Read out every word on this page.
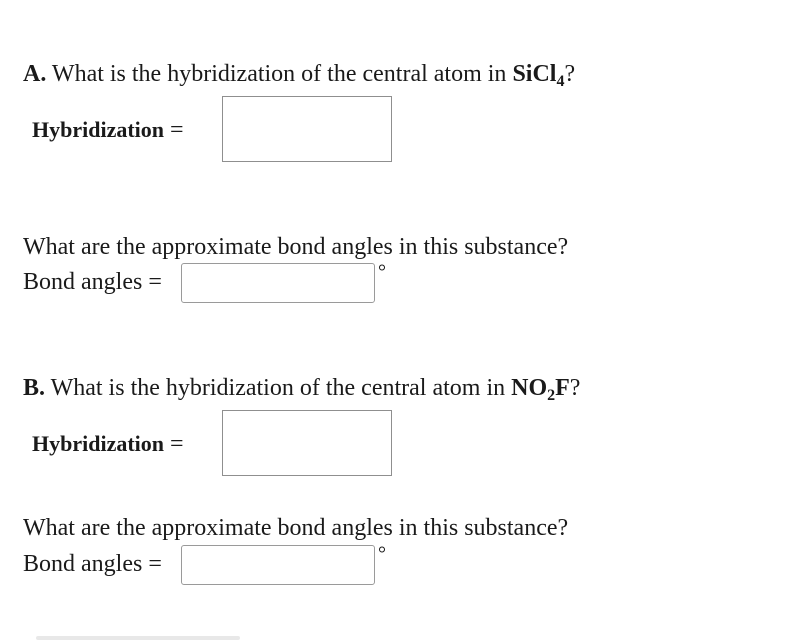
A. What is the hybridization of the central atom in SiCl$_4$?
Hybridization =
What are the approximate bond angles in this substance?
Bond angles =	°
B. What is the hybridization of the central atom in $NO_2F$?
Hybridization =
What are the approximate bond angles in this substance?
Bond angles =	°
